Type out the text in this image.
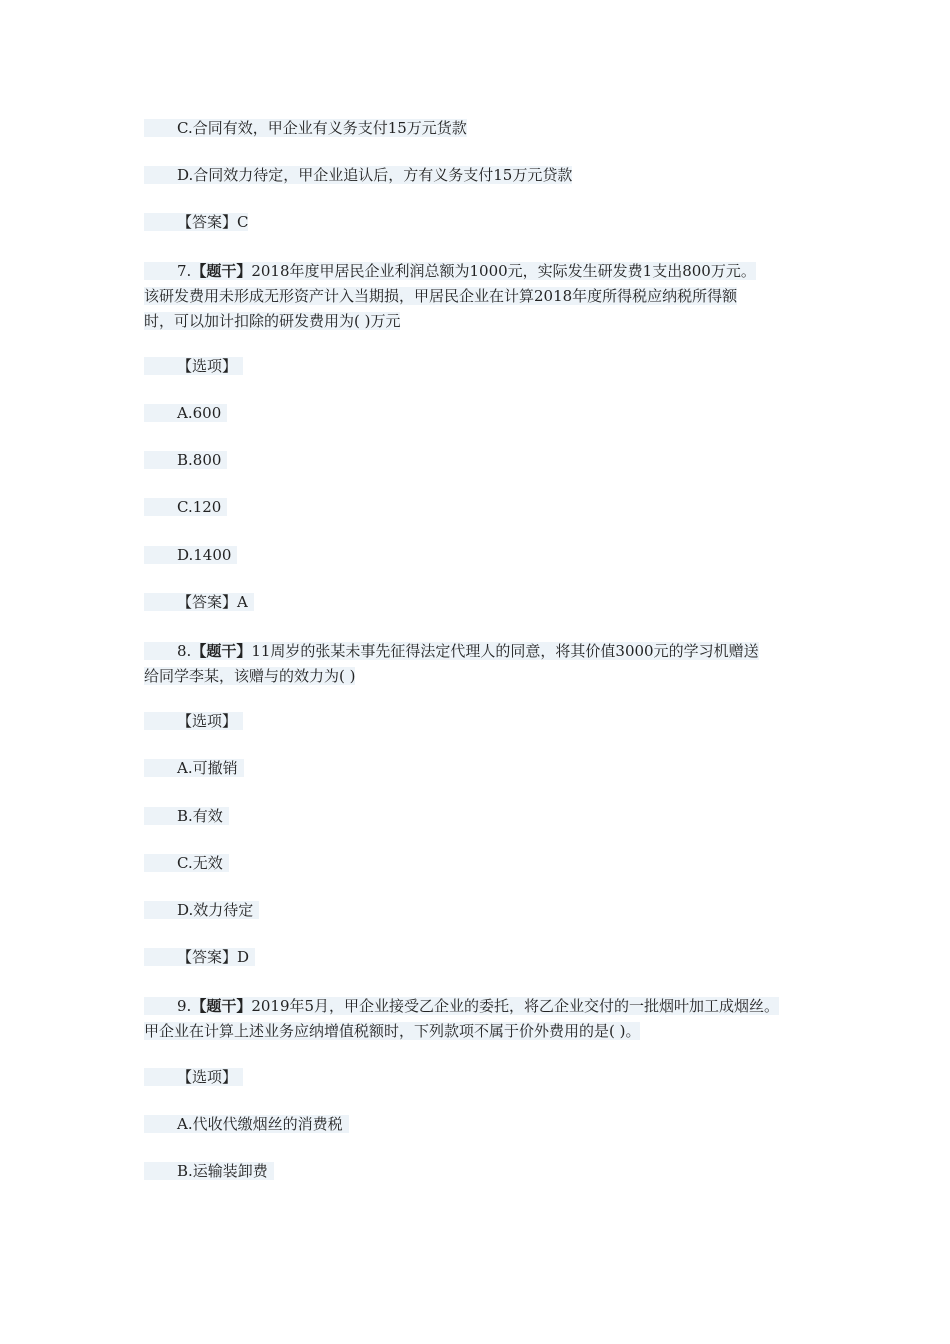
C.合同有效，甲企业有义务支付15万元货款
D.合同效力待定，甲企业追认后，方有义务支付15万元贷款
【答案】C
7.【题干】2018年度甲居民企业利润总额为1000元，实际发生研发费1支出800万元。
该研发费用未形成无形资产计入当期损，甲居民企业在计算2018年度所得税应纳税所得额
时，可以加计扣除的研发费用为( )万元
【选项】
A.600
B.800
C.120
D.1400
【答案】A
8.【题干】11周岁的张某未事先征得法定代理人的同意，将其价值3000元的学习机赠送
给同学李某，该赠与的效力为( )
【选项】
A.可撤销
B.有效
C.无效
D.效力待定
【答案】D
9.【题干】2019年5月，甲企业接受乙企业的委托，将乙企业交付的一批烟叶加工成烟丝。
甲企业在计算上述业务应纳增值税额时，下列款项不属于价外费用的是( )。
【选项】
A.代收代缴烟丝的消费税
B.运输装卸费
